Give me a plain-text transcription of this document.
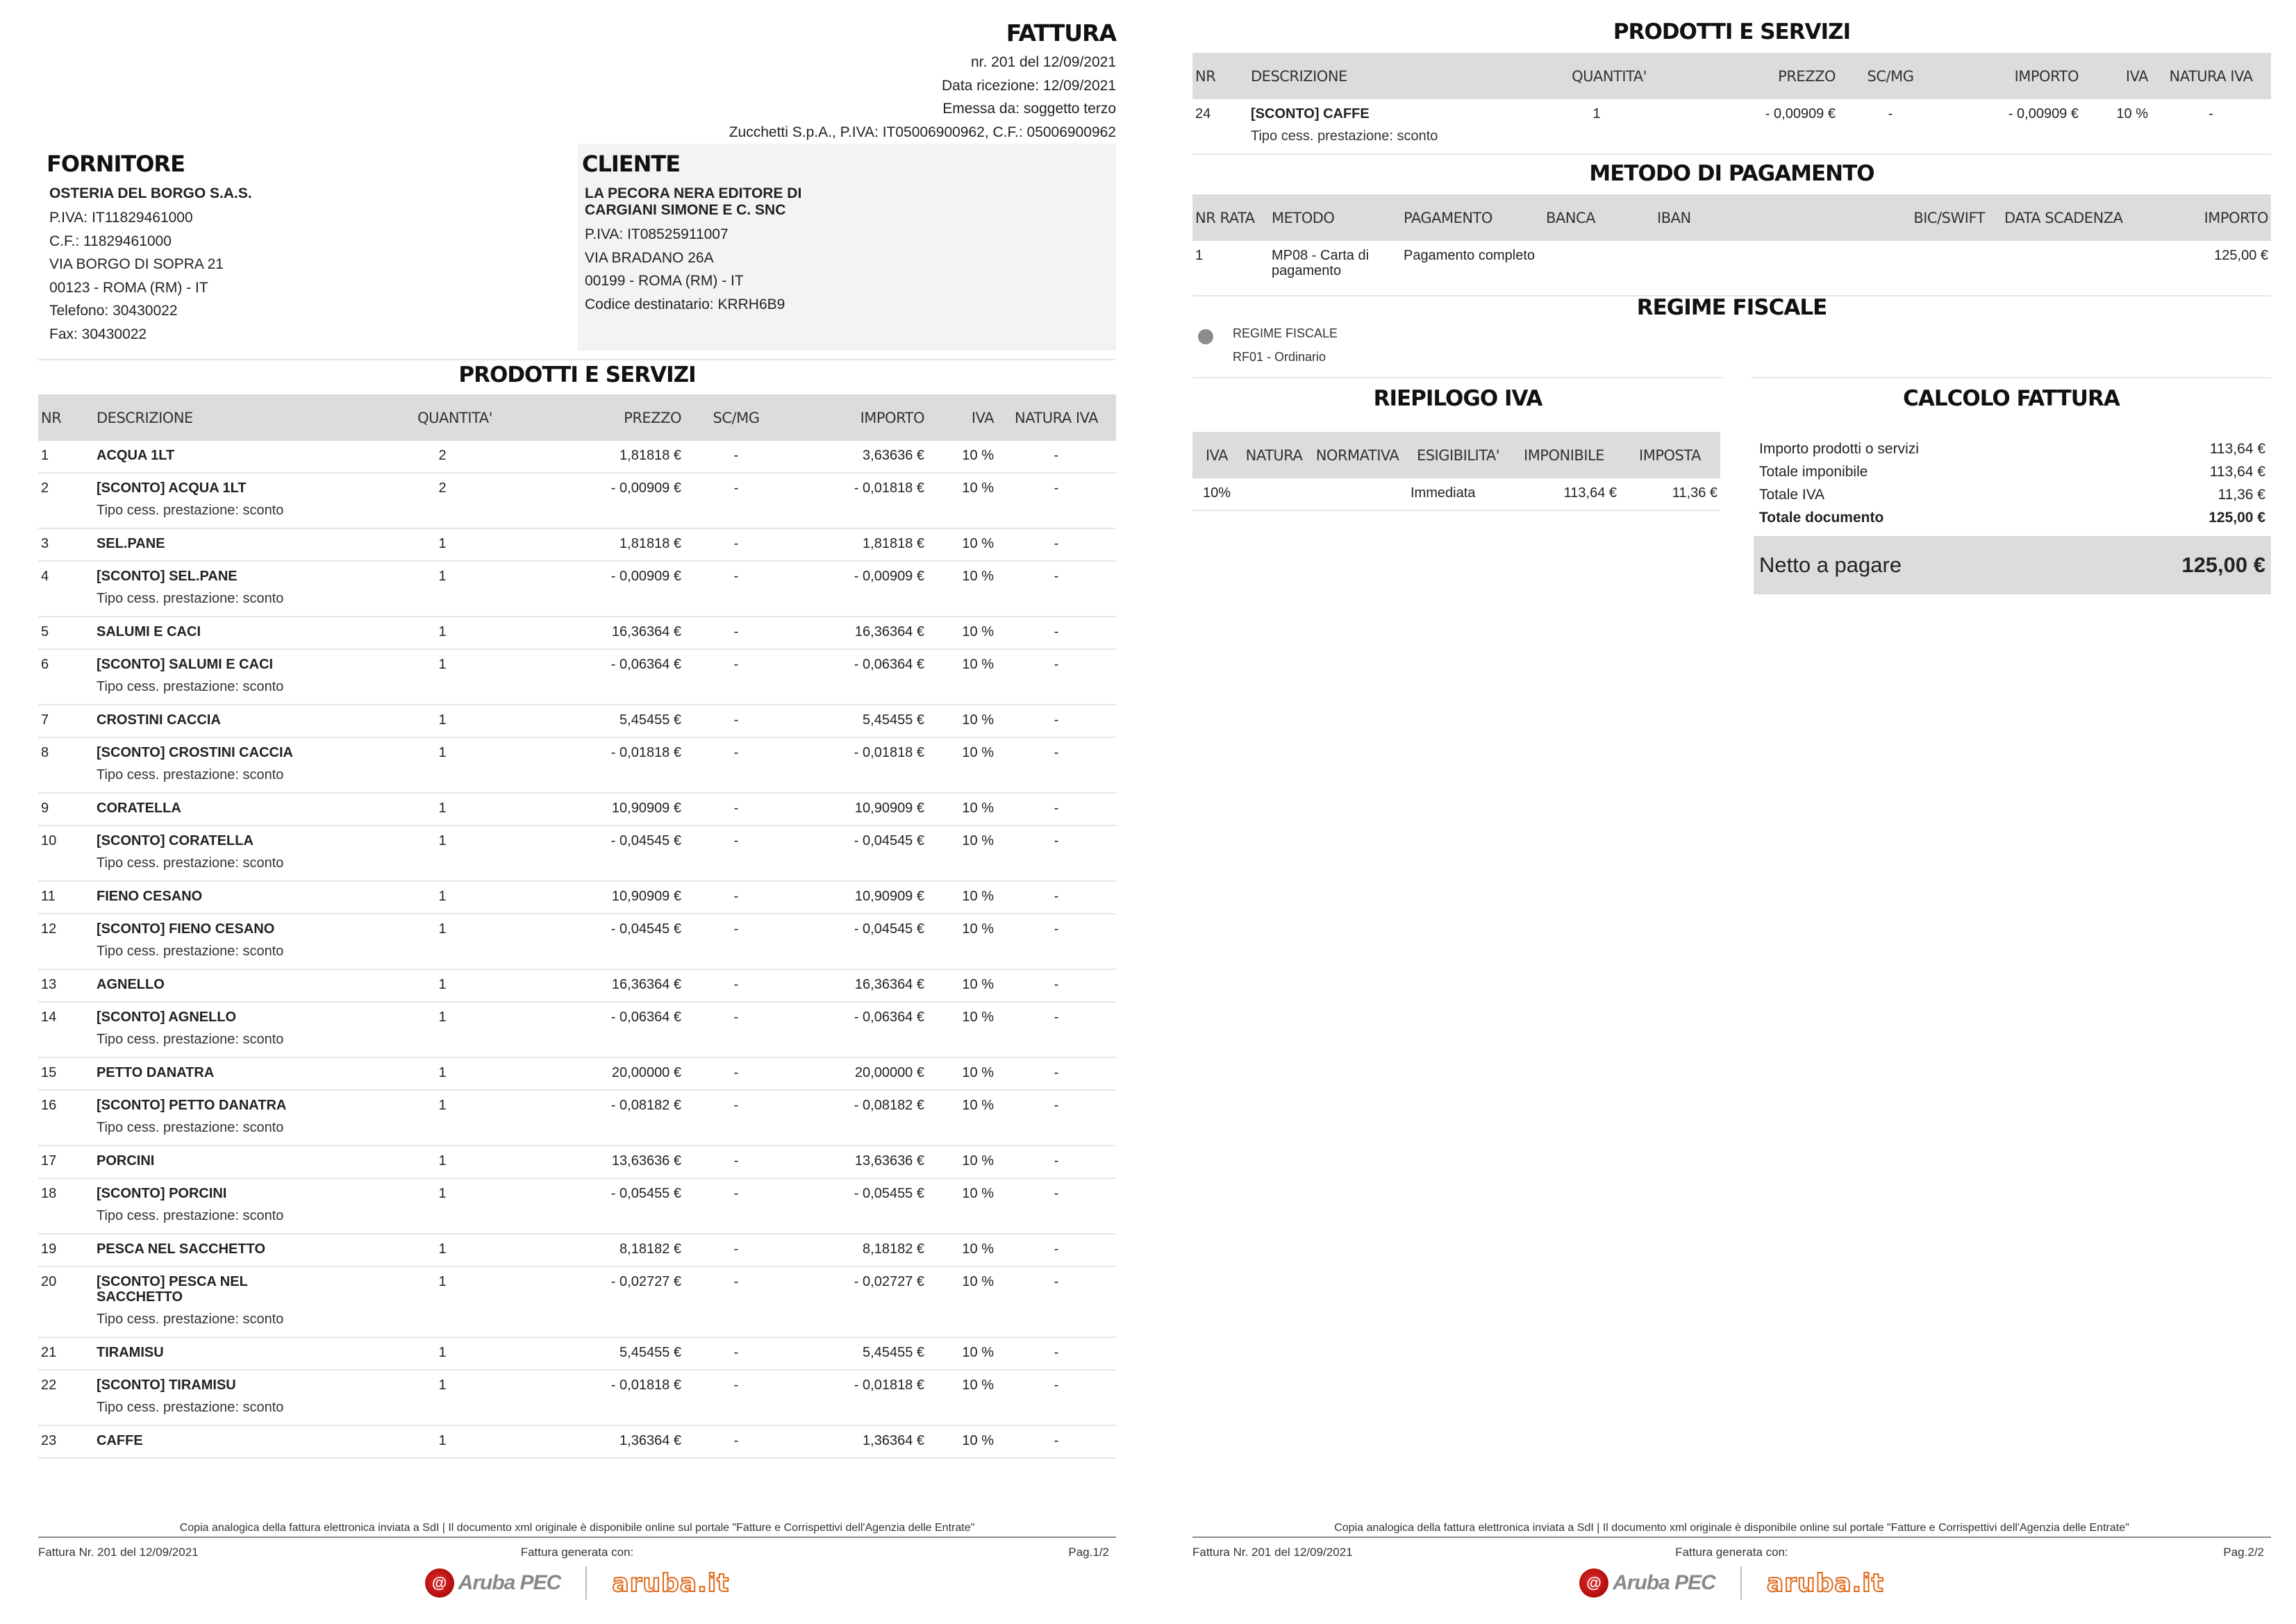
FATTURA
nr. 201 del 12/09/2021
Data ricezione: 12/09/2021
Emessa da: soggetto terzo
Zucchetti S.p.A., P.IVA: IT05006900962, C.F.: 05006900962
FORNITORE
OSTERIA DEL BORGO S.A.S.
P.IVA: IT11829461000
C.F.: 11829461000
VIA BORGO DI SOPRA 21
00123 - ROMA (RM) - IT
Telefono: 30430022
Fax: 30430022
CLIENTE
LA PECORA NERA EDITORE DI CARGIANI SIMONE E C. SNC
P.IVA: IT08525911007
VIA BRADANO 26A
00199 - ROMA (RM) - IT
Codice destinatario: KRRH6B9
PRODOTTI E SERVIZI
NR	DESCRIZIONE	QUANTITA'	PREZZO	SC/MG	IMPORTO	IVA	NATURA IVA
1	ACQUA 1LT	2	1,81818 €	-	3,63636 €	10 %	-
2	[SCONTO] ACQUA 1LT
Tipo cess. prestazione: sconto	2	- 0,00909 €	-	- 0,01818 €	10 %	-
3	SEL.PANE	1	1,81818 €	-	1,81818 €	10 %	-
4	[SCONTO] SEL.PANE
Tipo cess. prestazione: sconto	1	- 0,00909 €	-	- 0,00909 €	10 %	-
5	SALUMI E CACI	1	16,36364 €	-	16,36364 €	10 %	-
6	[SCONTO] SALUMI E CACI
Tipo cess. prestazione: sconto	1	- 0,06364 €	-	- 0,06364 €	10 %	-
7	CROSTINI CACCIA	1	5,45455 €	-	5,45455 €	10 %	-
8	[SCONTO] CROSTINI CACCIA
Tipo cess. prestazione: sconto	1	- 0,01818 €	-	- 0,01818 €	10 %	-
9	CORATELLA	1	10,90909 €	-	10,90909 €	10 %	-
10	[SCONTO] CORATELLA
Tipo cess. prestazione: sconto	1	- 0,04545 €	-	- 0,04545 €	10 %	-
11	FIENO CESANO	1	10,90909 €	-	10,90909 €	10 %	-
12	[SCONTO] FIENO CESANO
Tipo cess. prestazione: sconto	1	- 0,04545 €	-	- 0,04545 €	10 %	-
13	AGNELLO	1	16,36364 €	-	16,36364 €	10 %	-
14	[SCONTO] AGNELLO
Tipo cess. prestazione: sconto	1	- 0,06364 €	-	- 0,06364 €	10 %	-
15	PETTO DANATRA	1	20,00000 €	-	20,00000 €	10 %	-
16	[SCONTO] PETTO DANATRA
Tipo cess. prestazione: sconto	1	- 0,08182 €	-	- 0,08182 €	10 %	-
17	PORCINI	1	13,63636 €	-	13,63636 €	10 %	-
18	[SCONTO] PORCINI
Tipo cess. prestazione: sconto	1	- 0,05455 €	-	- 0,05455 €	10 %	-
19	PESCA NEL SACCHETTO	1	8,18182 €	-	8,18182 €	10 %	-
20	[SCONTO] PESCA NEL SACCHETTO
Tipo cess. prestazione: sconto	1	- 0,02727 €	-	- 0,02727 €	10 %	-
21	TIRAMISU	1	5,45455 €	-	5,45455 €	10 %	-
22	[SCONTO] TIRAMISU
Tipo cess. prestazione: sconto	1	- 0,01818 €	-	- 0,01818 €	10 %	-
23	CAFFE	1	1,36364 €	-	1,36364 €	10 %	-
Copia analogica della fattura elettronica inviata a SdI | Il documento xml originale è disponibile online sul portale "Fatture e Corrispettivi dell'Agenzia delle Entrate"
Fattura Nr. 201 del 12/09/2021	Fattura generata con:	Pag.1/2
@ Aruba PEC aruba.it
PRODOTTI E SERVIZI
NR	DESCRIZIONE	QUANTITA'	PREZZO	SC/MG	IMPORTO	IVA	NATURA IVA
24	[SCONTO] CAFFE
Tipo cess. prestazione: sconto	1	- 0,00909 €	-	- 0,00909 €	10 %	-
METODO DI PAGAMENTO
NR RATA	METODO	PAGAMENTO	BANCA	IBAN	BIC/SWIFT	DATA SCADENZA	IMPORTO
1	MP08 - Carta di pagamento	Pagamento completo					125,00 €
REGIME FISCALE
REGIME FISCALE
RF01 - Ordinario
RIEPILOGO IVA
IVA	NATURA	NORMATIVA	ESIGIBILITA'	IMPONIBILE	IMPOSTA
10%			Immediata	113,64 €	11,36 €
CALCOLO FATTURA
Importo prodotti o servizi	113,64 €
Totale imponibile	113,64 €
Totale IVA	11,36 €
Totale documento	125,00 €
Netto a pagare	125,00 €
Copia analogica della fattura elettronica inviata a SdI | Il documento xml originale è disponibile online sul portale "Fatture e Corrispettivi dell'Agenzia delle Entrate"
Fattura Nr. 201 del 12/09/2021	Fattura generata con:	Pag.2/2
@ Aruba PEC aruba.it
